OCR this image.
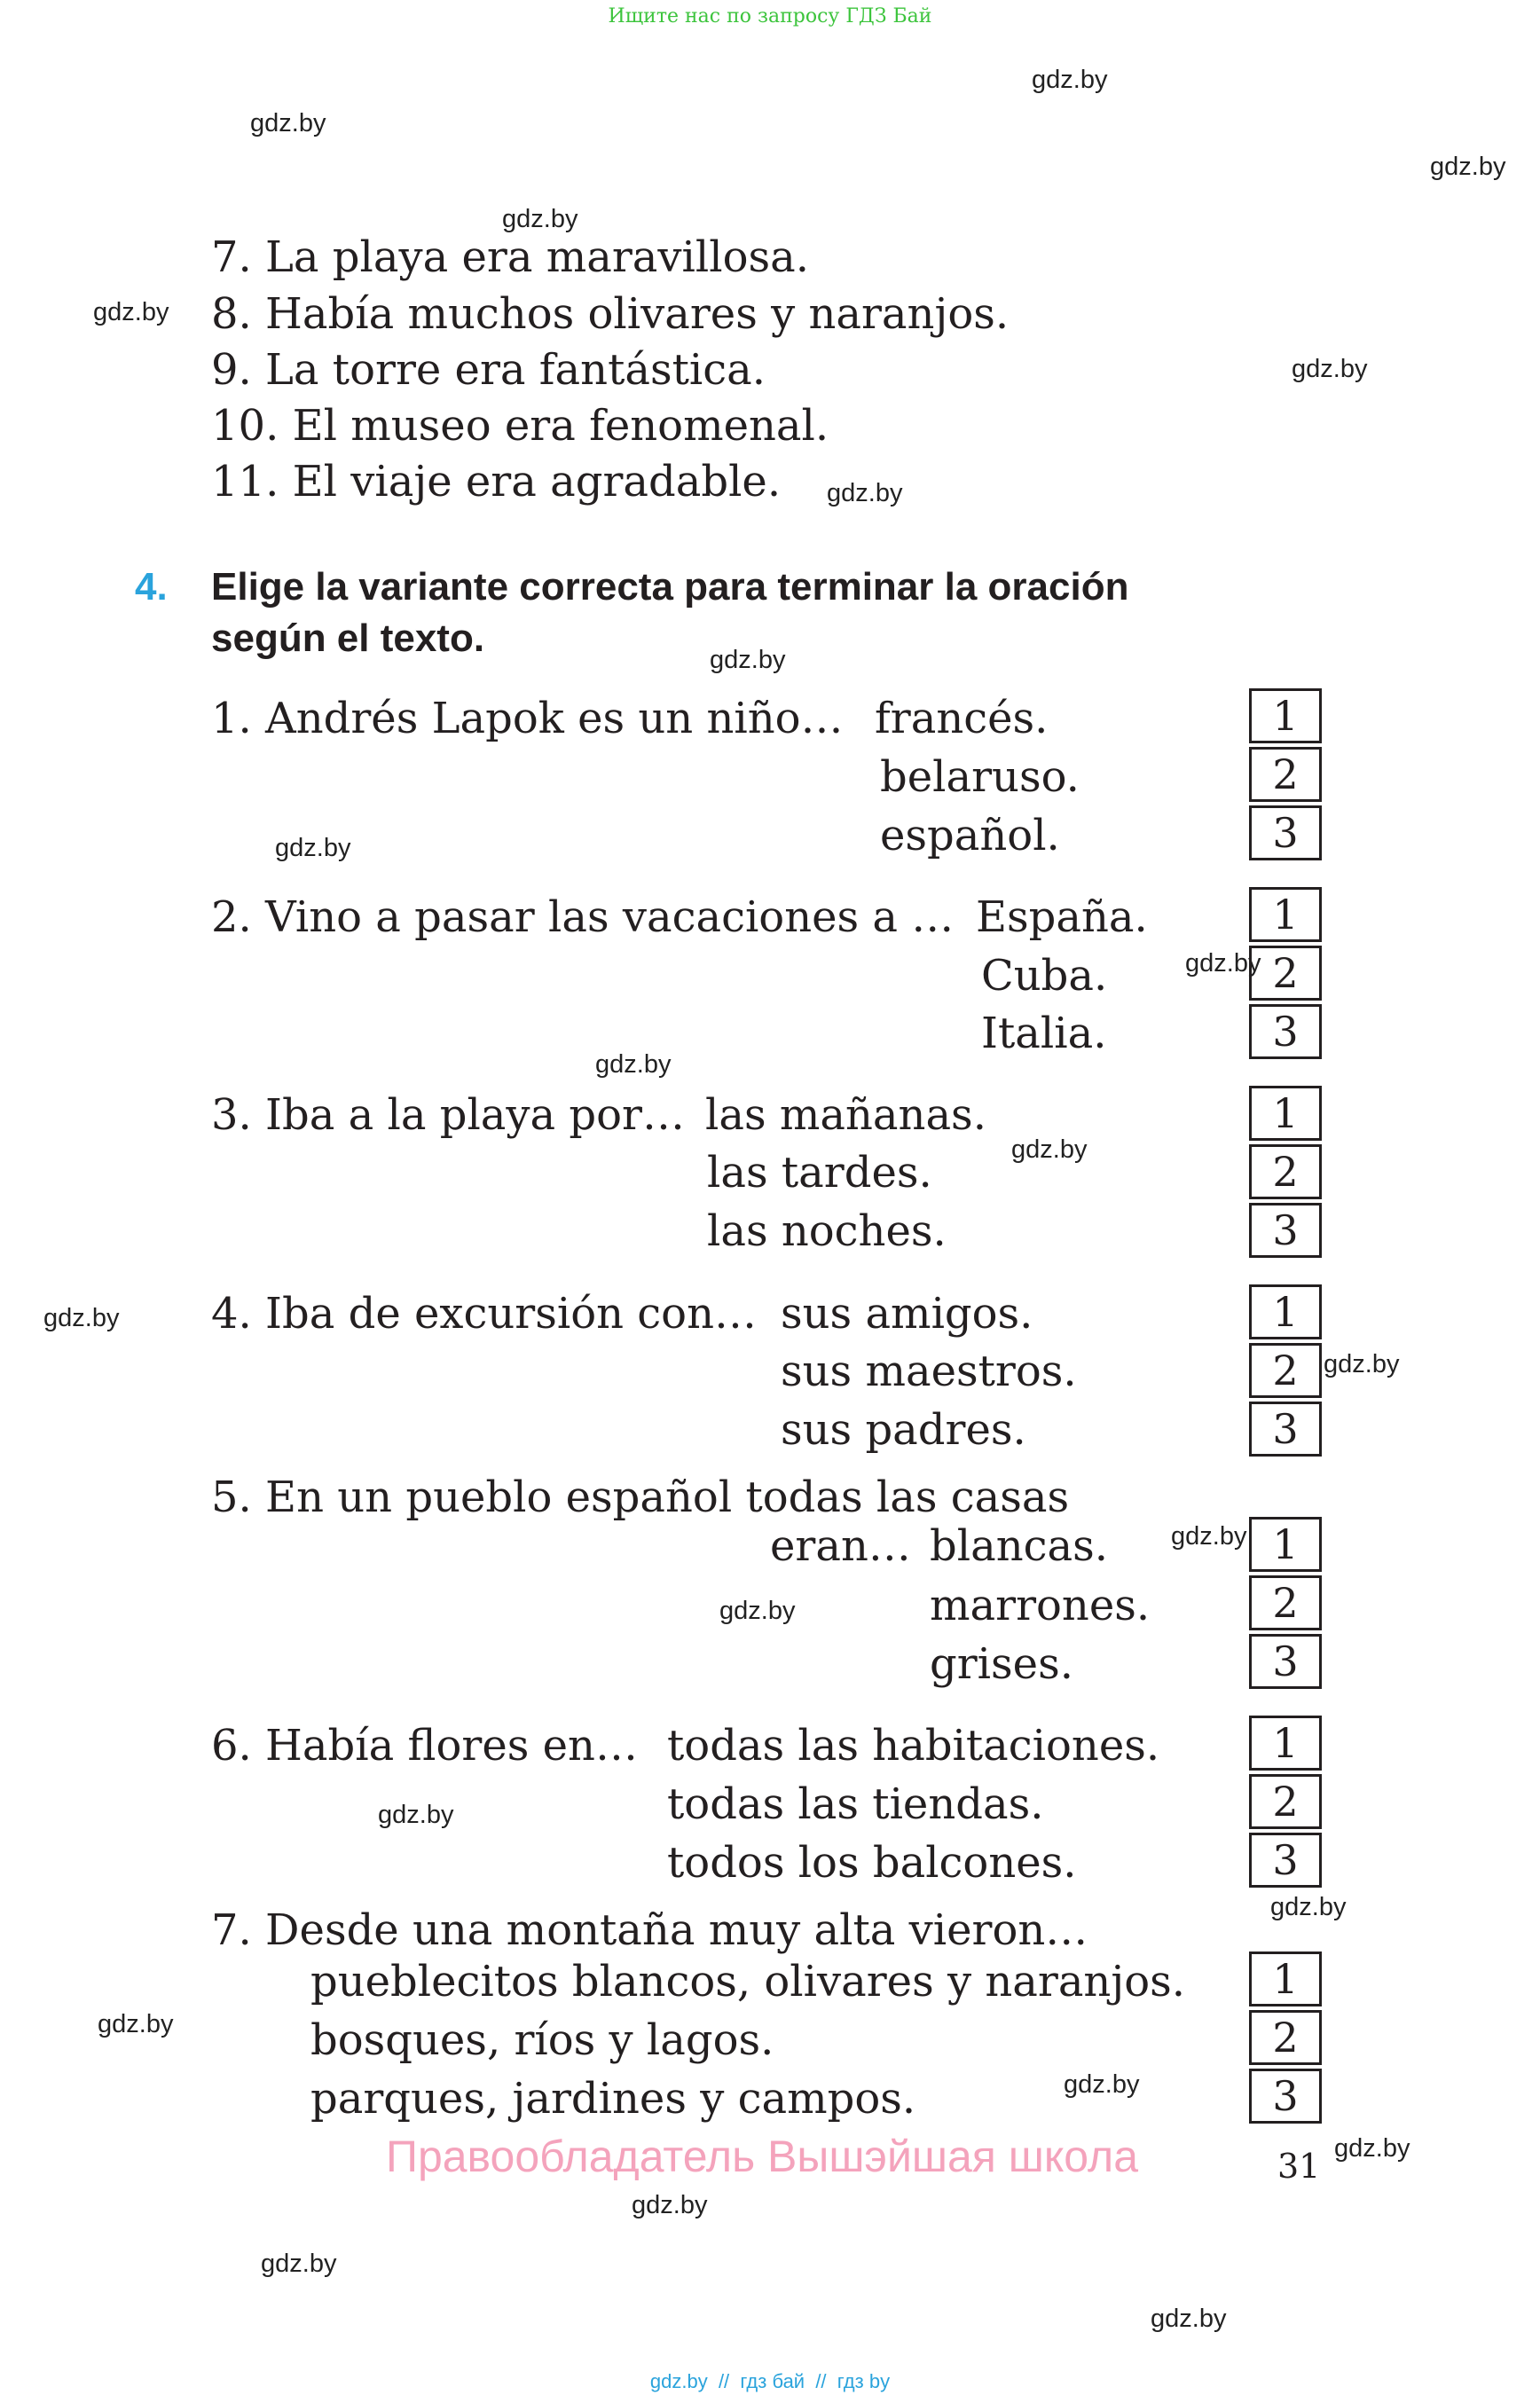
Ищите нас по запросу ГДЗ Бай
gdz.by
gdz.by
gdz.by
gdz.by
gdz.by
gdz.by
gdz.by
gdz.by
gdz.by
gdz.by
gdz.by
gdz.by
gdz.by
gdz.by
gdz.by
gdz.by
gdz.by
gdz.by
gdz.by
gdz.by
gdz.by
gdz.by
gdz.by
gdz.by
7. La playa era maravillosa.
8. Había muchos olivares y naranjos.
9. La torre era fantástica.
10. El museo era fenomenal.
11. El viaje era agradable.
4. Elige la variante correcta para terminar la oración
según el texto.
1. Andrés Lapok es un niño… francés.
belaruso.
español.
1
2
3
2. Vino a pasar las vacaciones a … España.
Cuba.
Italia.
1
2
3
3. Iba a la playa por… las mañanas.
las tardes.
las noches.
1
2
3
4. Iba de excursión con… sus amigos.
sus maestros.
sus padres.
1
2
3
5. En un pueblo español todas las casas
eran… blancas.
marrones.
grises.
1
2
3
6. Había flores en… todas las habitaciones.
todas las tiendas.
todos los balcones.
1
2
3
7. Desde una montaña muy alta vieron…
pueblecitos blancos, olivares y naranjos.
bosques, ríos y lagos.
parques, jardines y campos.
1
2
3
Правообладатель Вышэйшая школа	31
gdz.by  //  гдз бай  //  гдз by
